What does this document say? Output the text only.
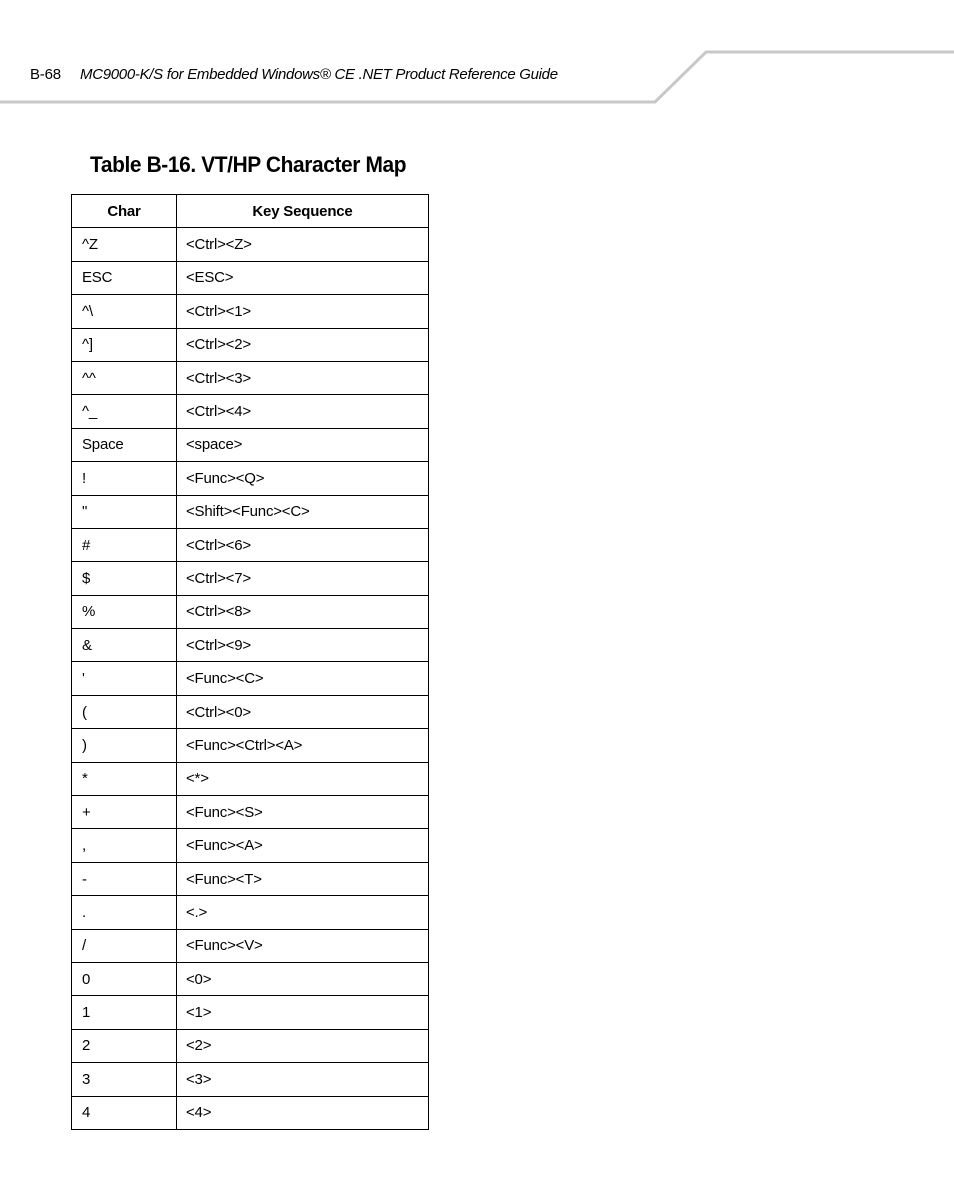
B-68 MC9000-K/S for Embedded Windows® CE .NET Product Reference Guide
Table B-16. VT/HP Character Map
Char	Key Sequence
^Z	<Ctrl><Z>
ESC	<ESC>
^\	<Ctrl><1>
^]	<Ctrl><2>
^^	<Ctrl><3>
^_	<Ctrl><4>
Space	<space>
!	<Func><Q>
"	<Shift><Func><C>
#	<Ctrl><6>
$	<Ctrl><7>
%	<Ctrl><8>
&	<Ctrl><9>
'	<Func><C>
(	<Ctrl><0>
)	<Func><Ctrl><A>
*	<*>
+	<Func><S>
,	<Func><A>
-	<Func><T>
.	<.>
/	<Func><V>
0	<0>
1	<1>
2	<2>
3	<3>
4	<4>
